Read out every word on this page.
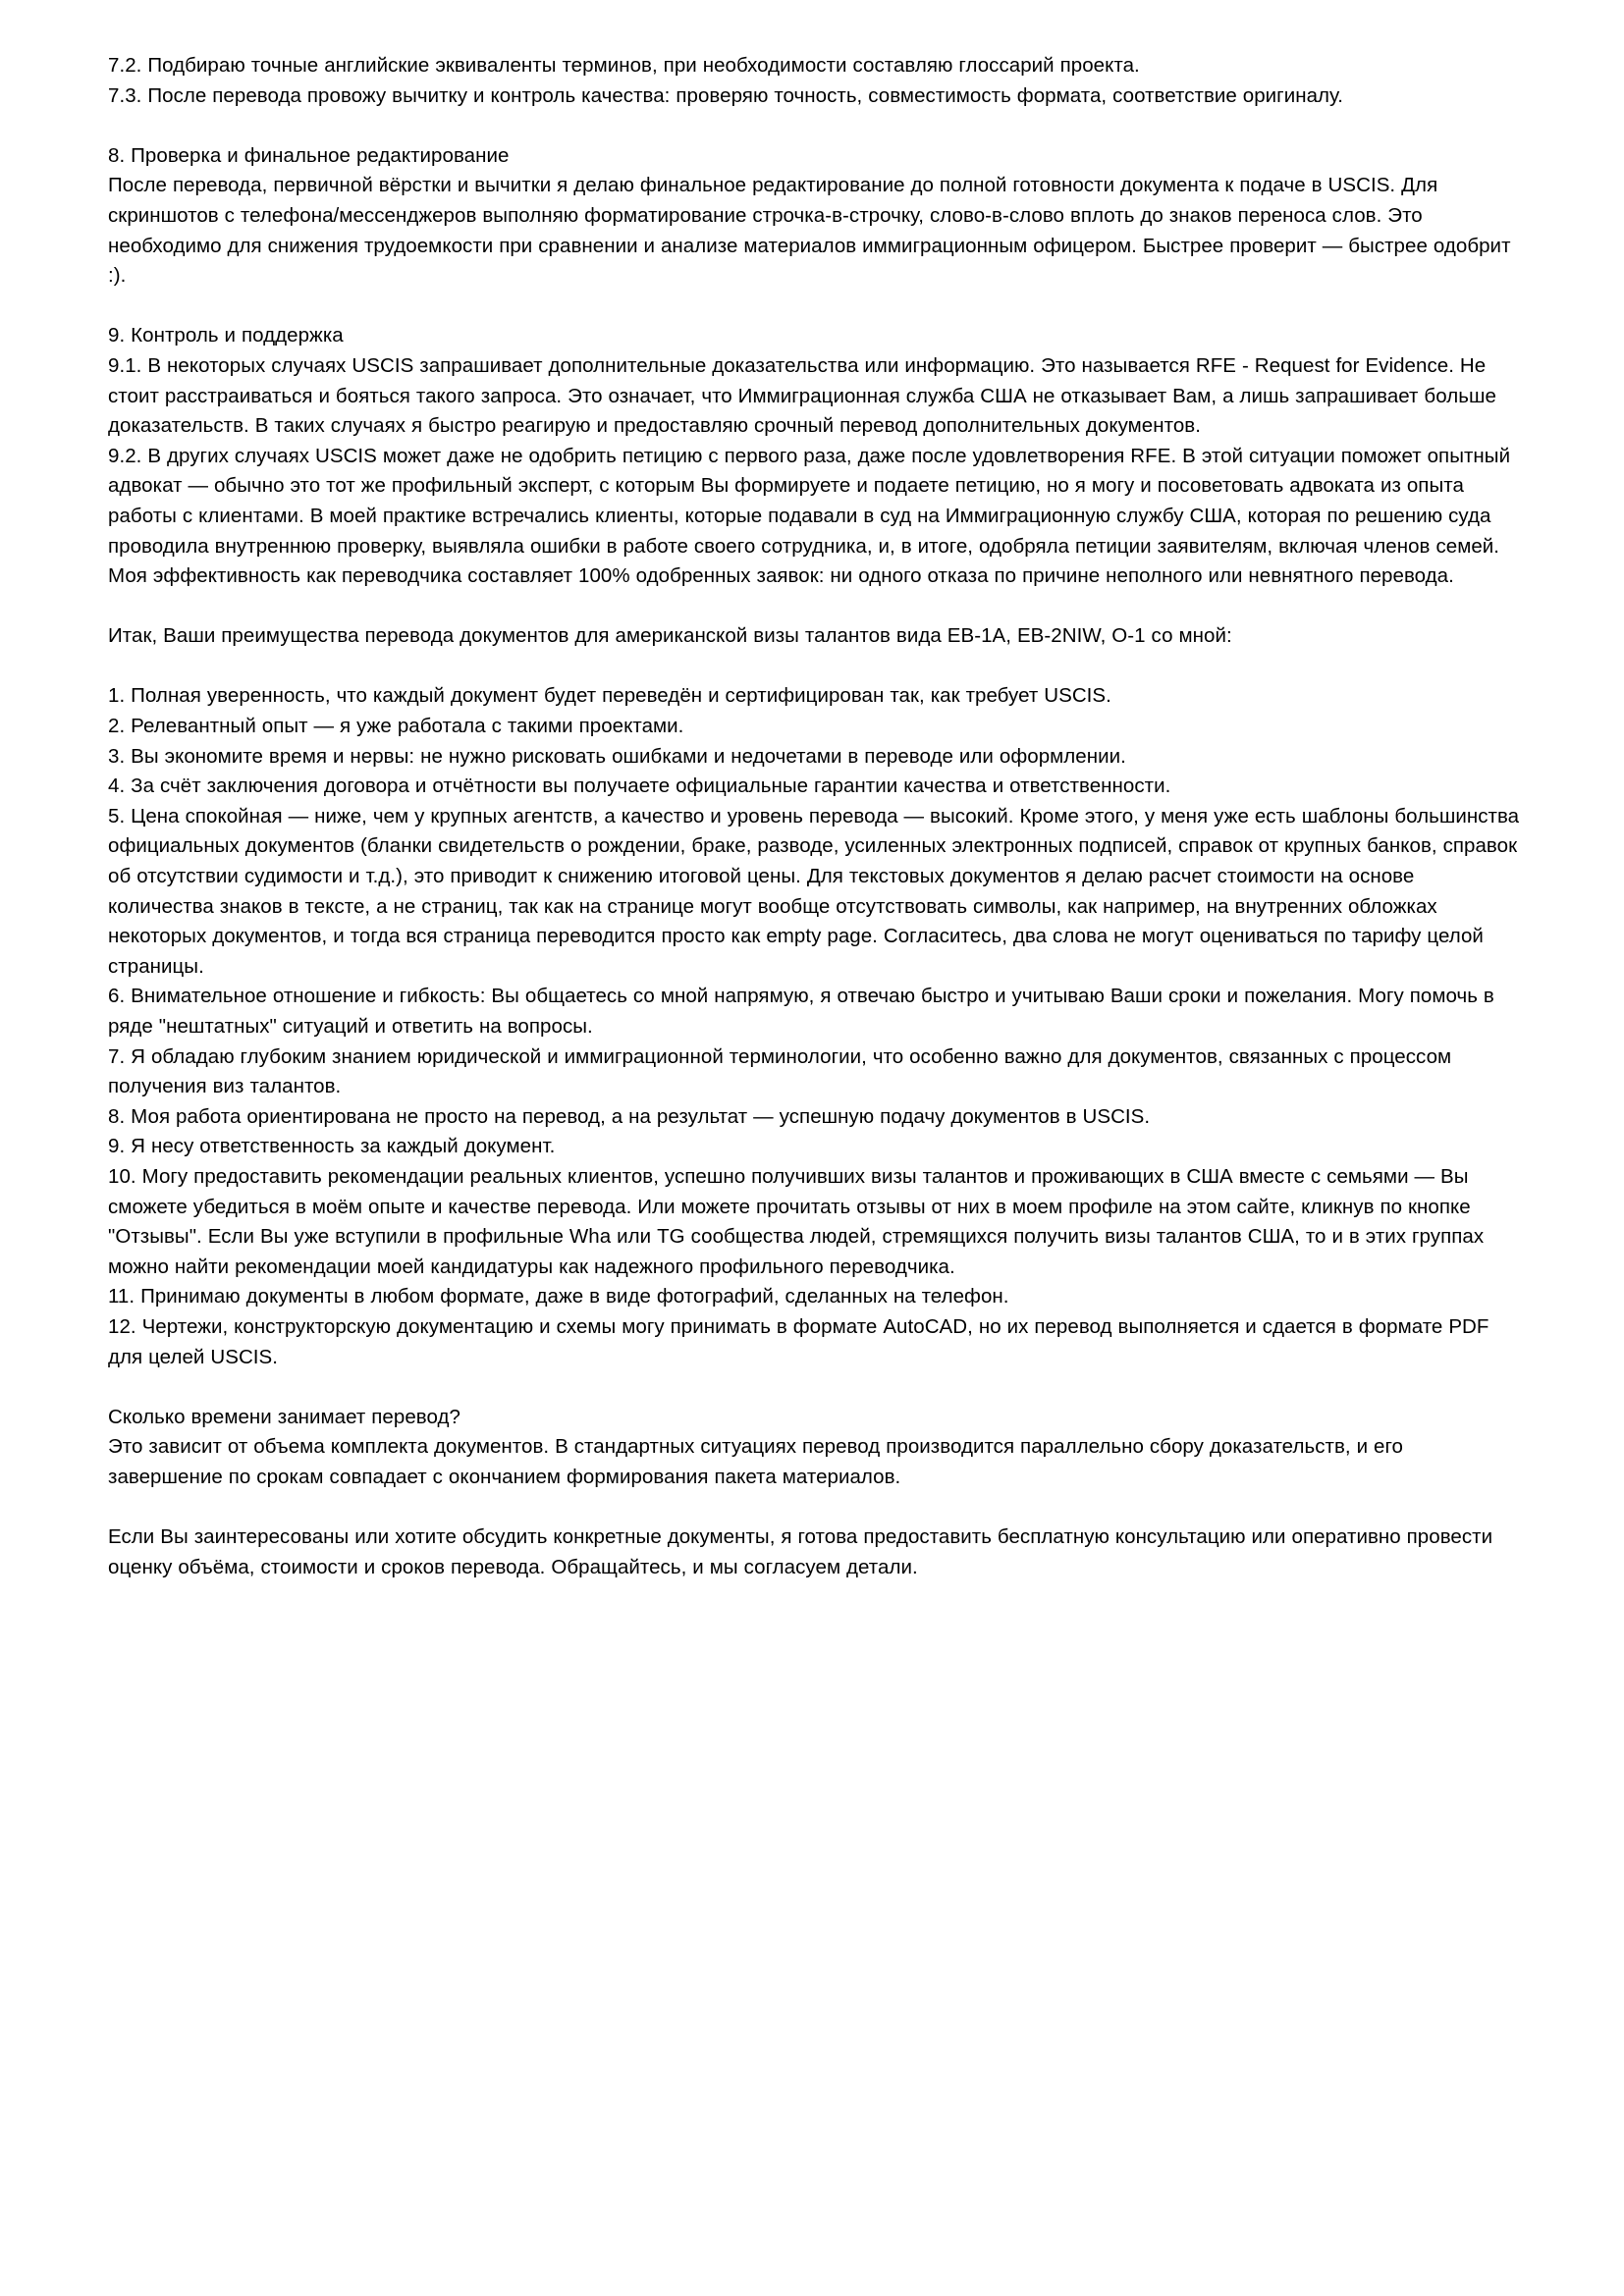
7.2. Подбираю точные английские эквиваленты терминов, при необходимости составляю глоссарий проекта.

7.3. После перевода провожу вычитку и контроль качества: проверяю точность, совместимость формата, соответствие оригиналу.

8. Проверка и финальное редактирование

После перевода, первичной вёрстки и вычитки я делаю финальное редактирование до полной готовности документа к подаче в USCIS. Для скриншотов с телефона/мессенджеров выполняю форматирование строчка-в-строчку, слово-в-слово вплоть до знаков переноса слов. Это необходимо для снижения трудоемкости при сравнении и анализе материалов иммиграционным офицером. Быстрее проверит — быстрее одобрит :).

9. Контроль и поддержка

9.1. В некоторых случаях USCIS запрашивает дополнительные доказательства или информацию. Это называется RFE - Request for Evidence. Не стоит расстраиваться и бояться такого запроса. Это означает, что Иммиграционная служба США не отказывает Вам, а лишь запрашивает больше доказательств. В таких случаях я быстро реагирую и предоставляю срочный перевод дополнительных документов.

9.2. В других случаях USCIS может даже не одобрить петицию с первого раза, даже после удовлетворения RFE. В этой ситуации поможет опытный адвокат — обычно это тот же профильный эксперт, с которым Вы формируете и подаете петицию, но я могу и посоветовать адвоката из опыта работы с клиентами. В моей практике встречались клиенты, которые подавали в суд на Иммиграционную службу США, которая по решению суда проводила внутреннюю проверку, выявляла ошибки в работе своего сотрудника, и, в итоге, одобряла петиции заявителям, включая членов семей. Моя эффективность как переводчика составляет 100% одобренных заявок: ни одного отказа по причине неполного или невнятного перевода.

Итак, Ваши преимущества перевода документов для американской визы талантов вида EB-1A, EB-2NIW, O-1 со мной:

1. Полная уверенность, что каждый документ будет переведён и сертифицирован так, как требует USCIS.

2. Релевантный опыт — я уже работала с такими проектами.

3. Вы экономите время и нервы: не нужно рисковать ошибками и недочетами в переводе или оформлении.

4. За счёт заключения договора и отчётности вы получаете официальные гарантии качества и ответственности.

5. Цена спокойная — ниже, чем у крупных агентств, а качество и уровень перевода — высокий. Кроме этого, у меня уже есть шаблоны большинства официальных документов (бланки свидетельств о рождении, браке, разводе, усиленных электронных подписей, справок от крупных банков, справок об отсутствии судимости и т.д.), это приводит к снижению итоговой цены. Для текстовых документов я делаю расчет стоимости на основе количества знаков в тексте, а не страниц, так как на странице могут вообще отсутствовать символы, как например, на внутренних обложках некоторых документов, и тогда вся страница переводится просто как empty page. Согласитесь, два слова не могут оцениваться по тарифу целой страницы.

6. Внимательное отношение и гибкость: Вы общаетесь со мной напрямую, я отвечаю быстро и учитываю Ваши сроки и пожелания. Могу помочь в ряде "нештатных" ситуаций и ответить на вопросы.

7. Я обладаю глубоким знанием юридической и иммиграционной терминологии, что особенно важно для документов, связанных с процессом получения виз талантов.

8. Моя работа ориентирована не просто на перевод, а на результат — успешную подачу документов в USCIS.

9. Я несу ответственность за каждый документ.

10. Могу предоставить рекомендации реальных клиентов, успешно получивших визы талантов и проживающих в США вместе с семьями — Вы сможете убедиться в моём опыте и качестве перевода. Или можете прочитать отзывы от них в моем профиле на этом сайте, кликнув по кнопке "Отзывы". Если Вы уже вступили в профильные Wha или TG сообщества людей, стремящихся получить визы талантов США, то и в этих группах можно найти рекомендации моей кандидатуры как надежного профильного переводчика.

11. Принимаю документы в любом формате, даже в виде фотографий, сделанных на телефон.

12. Чертежи, конструкторскую документацию и схемы могу принимать в формате AutoCAD, но их перевод выполняется и сдается в формате PDF для целей USCIS.

Сколько времени занимает перевод?

Это зависит от объема комплекта документов. В стандартных ситуациях перевод производится параллельно сбору доказательств, и его завершение по срокам совпадает с окончанием формирования пакета материалов.

Если Вы заинтересованы или хотите обсудить конкретные документы, я готова предоставить бесплатную консультацию или оперативно провести оценку объёма, стоимости и сроков перевода. Обращайтесь, и мы согласуем детали.
